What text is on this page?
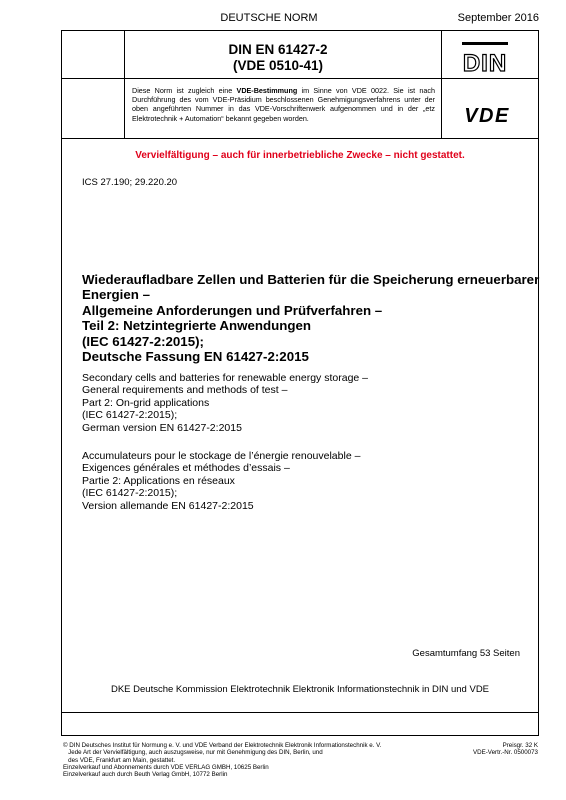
DEUTSCHE NORM	September 2016
DIN EN 61427-2
(VDE 0510-41)	DIN
VDE
Diese Norm ist zugleich eine VDE-Bestimmung im Sinne von VDE 0022. Sie ist nach Durchführung des vom VDE-Präsidium beschlossenen Genehmigungsverfahrens unter der oben angeführten Nummer in das VDE-Vorschriftenwerk aufgenommen und in der „etz Elektrotechnik + Automation“ bekannt gegeben worden.
Vervielfältigung – auch für innerbetriebliche Zwecke – nicht gestattet.
ICS 27.190; 29.220.20
Wiederaufladbare Zellen und Batterien für die Speicherung erneuerbarer
Energien –
Allgemeine Anforderungen und Prüfverfahren –
Teil 2: Netzintegrierte Anwendungen
(IEC 61427-2:2015);
Deutsche Fassung EN 61427-2:2015
Secondary cells and batteries for renewable energy storage –
General requirements and methods of test –
Part 2: On-grid applications
(IEC 61427-2:2015);
German version EN 61427-2:2015
Accumulateurs pour le stockage de l’énergie renouvelable –
Exigences générales et méthodes d’essais –
Partie 2: Applications en réseaux
(IEC 61427-2:2015);
Version allemande EN 61427-2:2015
Gesamtumfang 53 Seiten
DKE Deutsche Kommission Elektrotechnik Elektronik Informationstechnik in DIN und VDE
© DIN Deutsches Institut für Normung e. V. und VDE Verband der Elektrotechnik Elektronik Informationstechnik e. V.
Jede Art der Vervielfältigung, auch auszugsweise, nur mit Genehmigung des DIN, Berlin, und
des VDE, Frankfurt am Main, gestattet.
Einzelverkauf und Abonnements durch VDE VERLAG GMBH, 10625 Berlin
Einzelverkauf auch durch Beuth Verlag GmbH, 10772 Berlin
Preisgr. 32 K
VDE-Vertr.-Nr. 0500073
